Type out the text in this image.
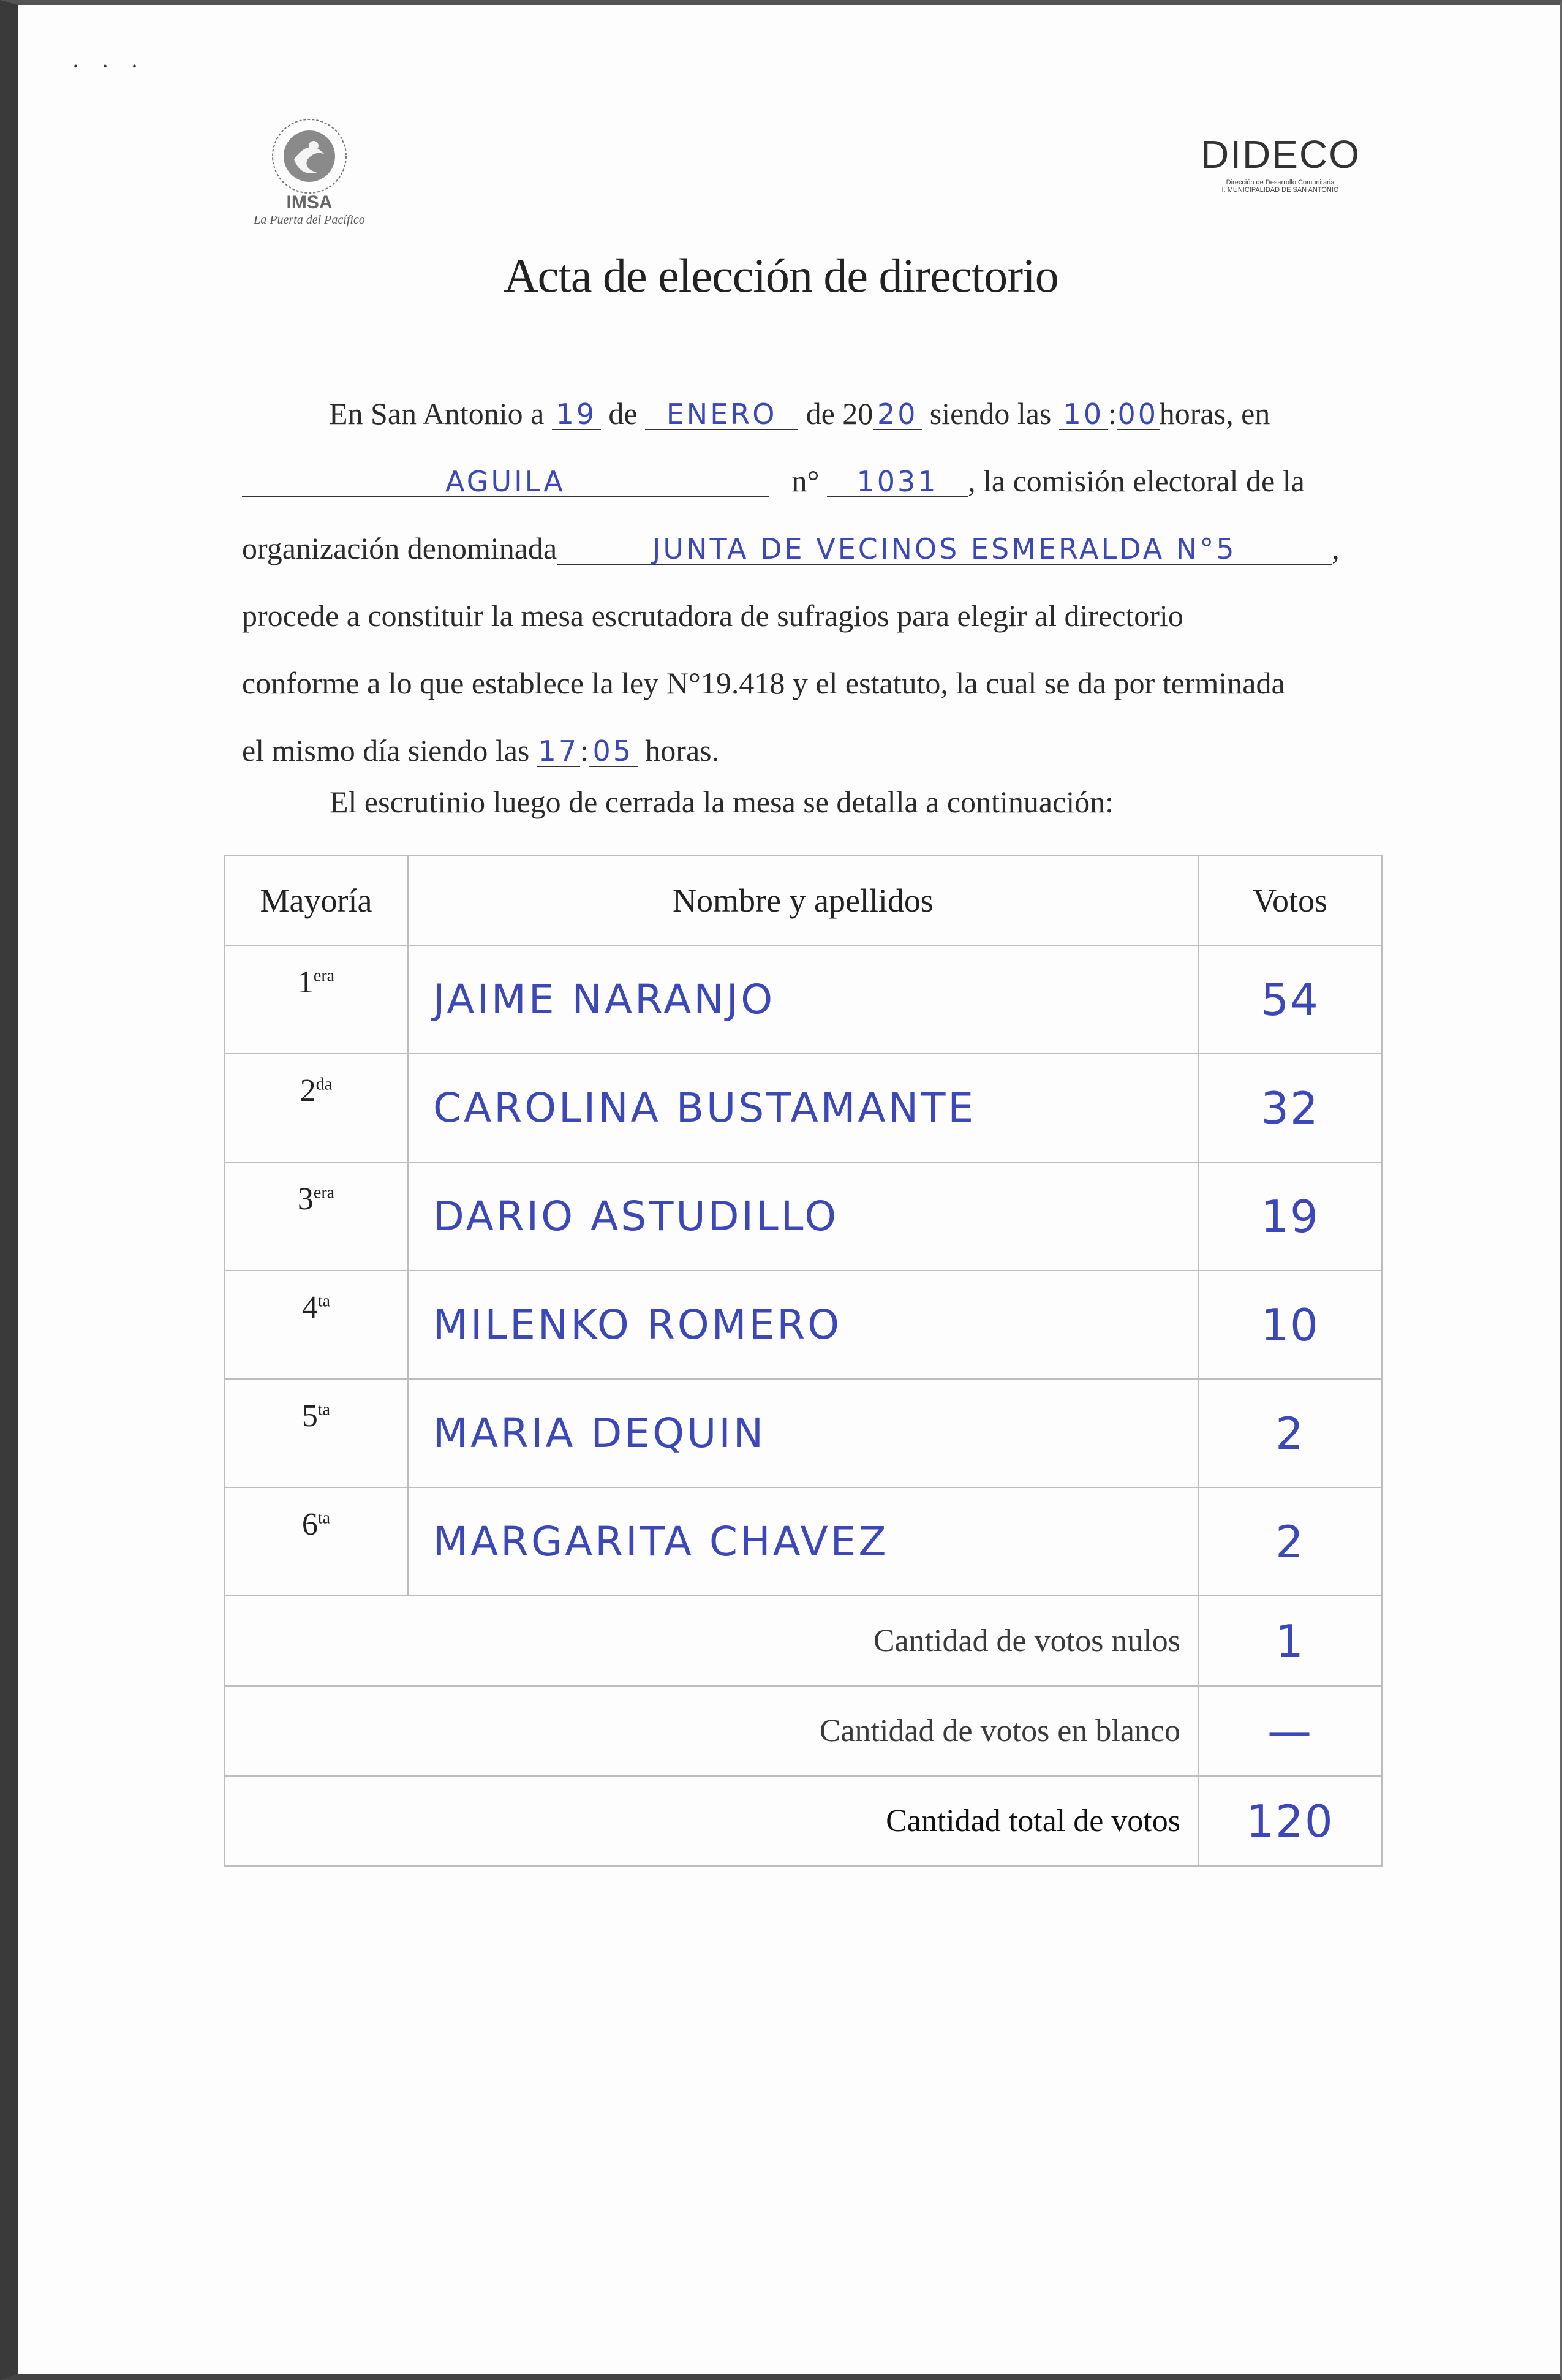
• • •
IMSA
La Puerta del Pacífico
DIDECO
Dirección de Desarrollo Comunitaria
I. MUNICIPALIDAD DE SAN ANTONIO
Acta de elección de directorio
En San Antonio a 19 de ENERO de 20 20 siendo las 10 :00horas, en
AGUILA	n° 1031 , la comisión electoral de la
organización denominada	JUNTA DE VECINOS ESMERALDA N°5	,
procede a constituir la mesa escrutadora de sufragios para elegir al directorio
conforme a lo que establece la ley N°19.418 y el estatuto, la cual se da por terminada
el mismo día siendo las 17: 05 horas.
El escrutinio luego de cerrada la mesa se detalla a continuación:
Mayoría	Nombre y apellidos	Votos
$1^{era}$	JAIME NARANJO	54
$2^{da}$	CAROLINA BUSTAMANTE	32
$3^{era}$	DARIO ASTUDILLO	19
$4^{ta}$	MILENKO ROMERO	10
$5^{ta}$	MARIA DEQUIN	2
$6^{ta}$	MARGARITA CHAVEZ	2
Cantidad de votos nulos		1
Cantidad de votos en blanco		—
Cantidad total de votos		120
